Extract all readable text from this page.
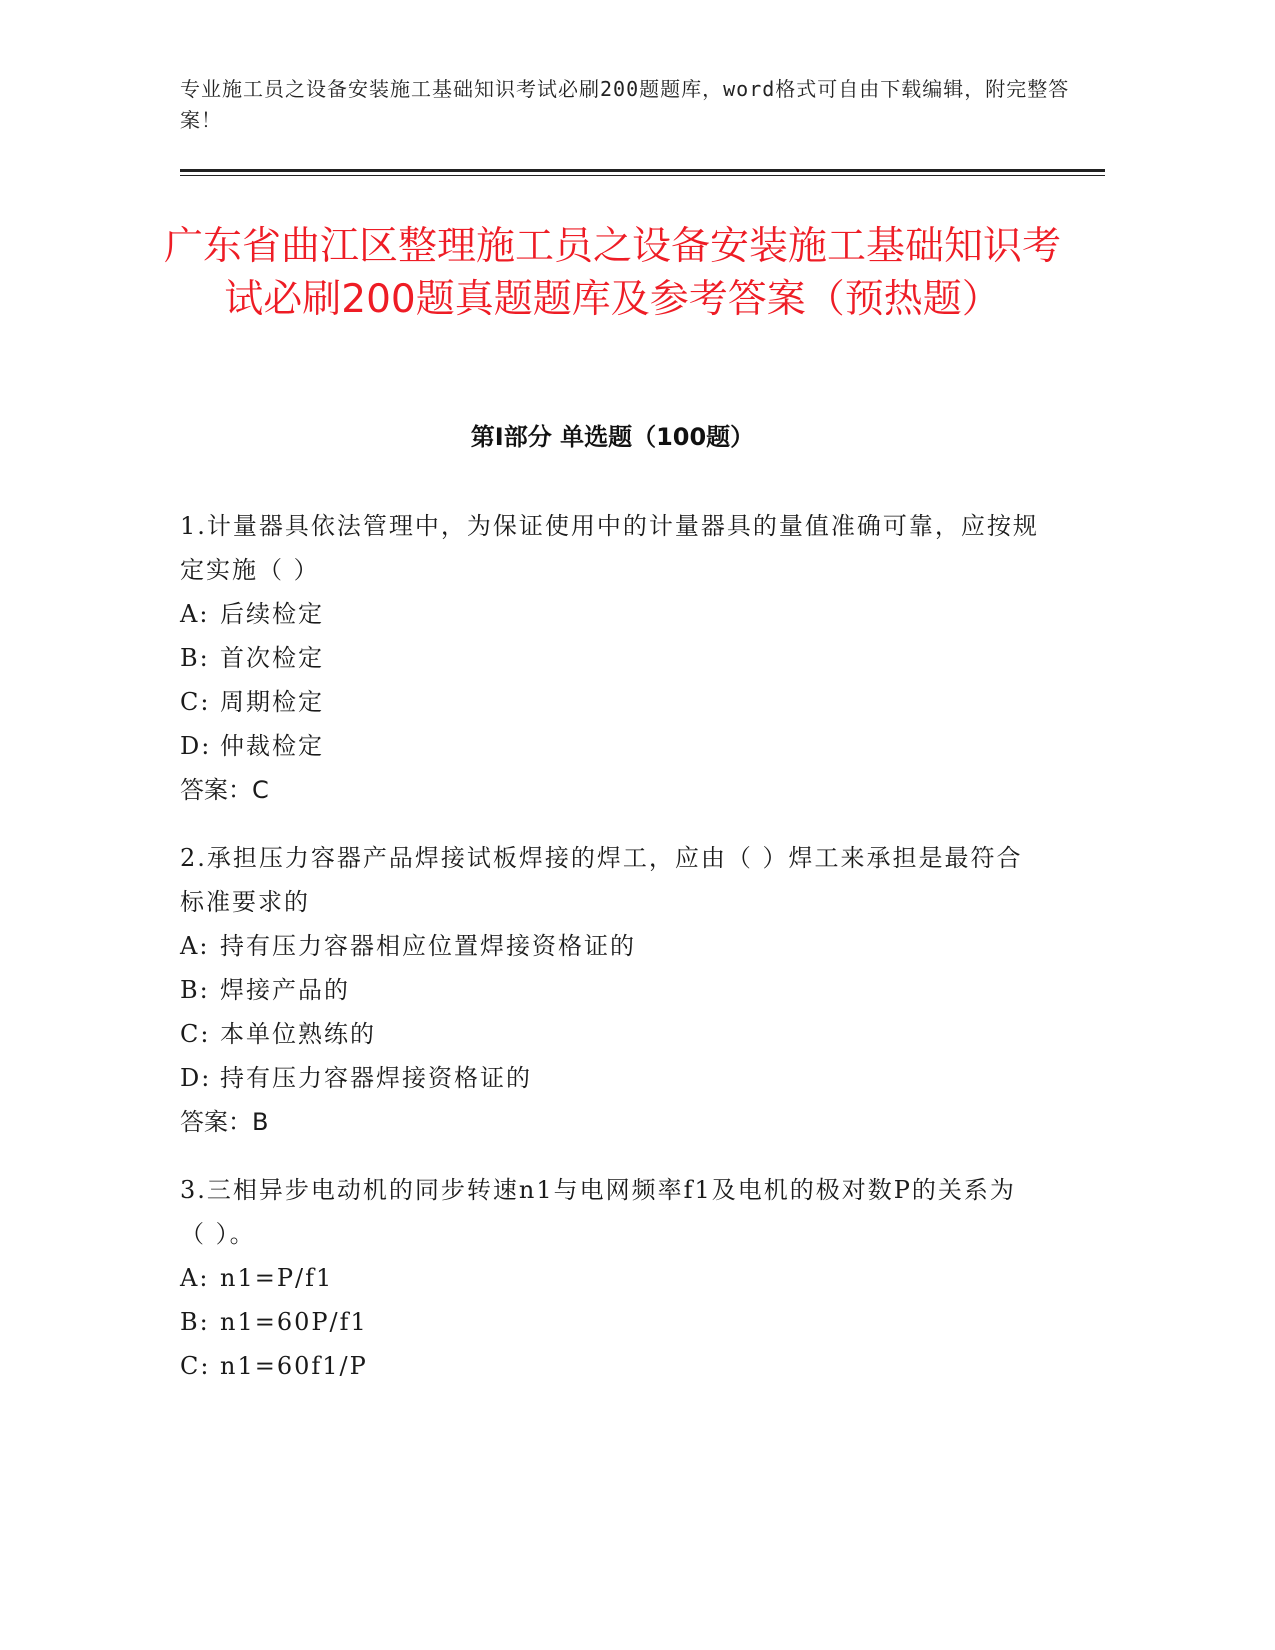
专业施工员之设备安装施工基础知识考试必刷200题题库，word格式可自由下载编辑，附完整答案！
广东省曲江区整理施工员之设备安装施工基础知识考试必刷200题真题题库及参考答案（预热题）
第Ⅰ部分 单选题（100题）

1.计量器具依法管理中，为保证使用中的计量器具的量值准确可靠，应按规定实施（ ）

A: 后续检定

B: 首次检定

C: 周期检定

D: 仲裁检定

答案：C

2.承担压力容器产品焊接试板焊接的焊工，应由（ ）焊工来承担是最符合标准要求的

A: 持有压力容器相应位置焊接资格证的

B: 焊接产品的

C: 本单位熟练的

D: 持有压力容器焊接资格证的

答案：B

3.三相异步电动机的同步转速n1与电网频率f1及电机的极对数P的关系为（ ）。

A: n1=P/f1

B: n1=60P/f1

C: n1=60f1/P
